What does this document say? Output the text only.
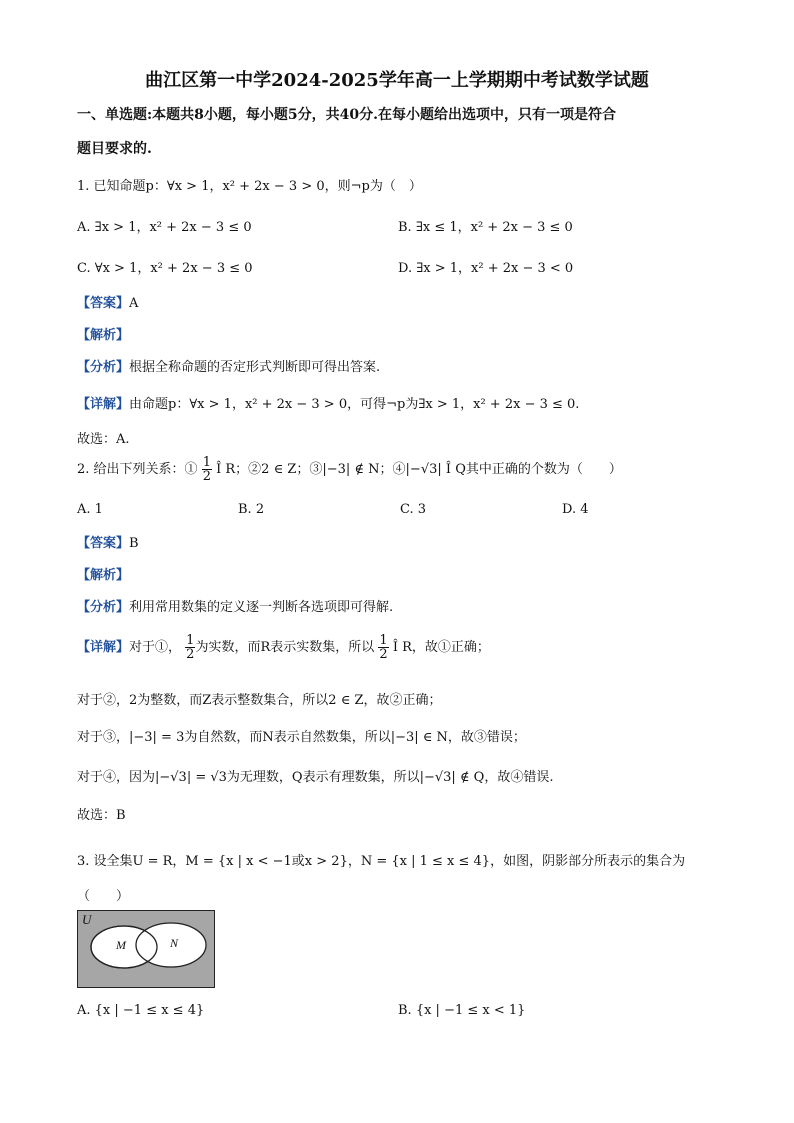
曲江区第一中学2024-2025学年高一上学期期中考试数学试题
一、单选题:本题共8小题，每小题5分，共40分.在每小题给出选项中，只有一项是符合
题目要求的.
1. 已知命题p：∀x > 1，x² + 2x − 3 > 0，则¬p为（　）
A. ∃x > 1，x² + 2x − 3 ≤ 0	B. ∃x ≤ 1，x² + 2x − 3 ≤ 0
C. ∀x > 1，x² + 2x − 3 ≤ 0	D. ∃x > 1，x² + 2x − 3 < 0
【答案】A
【解析】
【分析】根据全称命题的否定形式判断即可得出答案.
【详解】由命题p：∀x > 1，x² + 2x − 3 > 0，可得¬p为∃x > 1，x² + 2x − 3 ≤ 0.
故选：A.
2. 给出下列关系：① $\frac{1}{2}$ Î R；②2 ∈ Z；③|−3| ∉ N；④|−√3| Î Q其中正确的个数为（　　）
A. 1	B. 2	C. 3	D. 4
【答案】B
【解析】
【分析】利用常用数集的定义逐一判断各选项即可得解.
【详解】对于①， $\frac{1}{2}$ 为实数，而R表示实数集，所以 $\frac{1}{2}$ Î R，故①正确；
对于②，2为整数，而Z表示整数集合，所以2 ∈ Z，故②正确；
对于③，|−3| = 3为自然数，而N表示自然数集，所以|−3| ∈ N，故③错误；
对于④，因为|−√3| = √3为无理数，Q表示有理数集，所以|−√3| ∉ Q，故④错误.
故选：B
3. 设全集U = R，M = {x | x < −1或x > 2}，N = {x | 1 ≤ x ≤ 4}，如图，阴影部分所表示的集合为
（　　）
U
M	N
A. {x | −1 ≤ x ≤ 4}	B. {x | −1 ≤ x < 1}
